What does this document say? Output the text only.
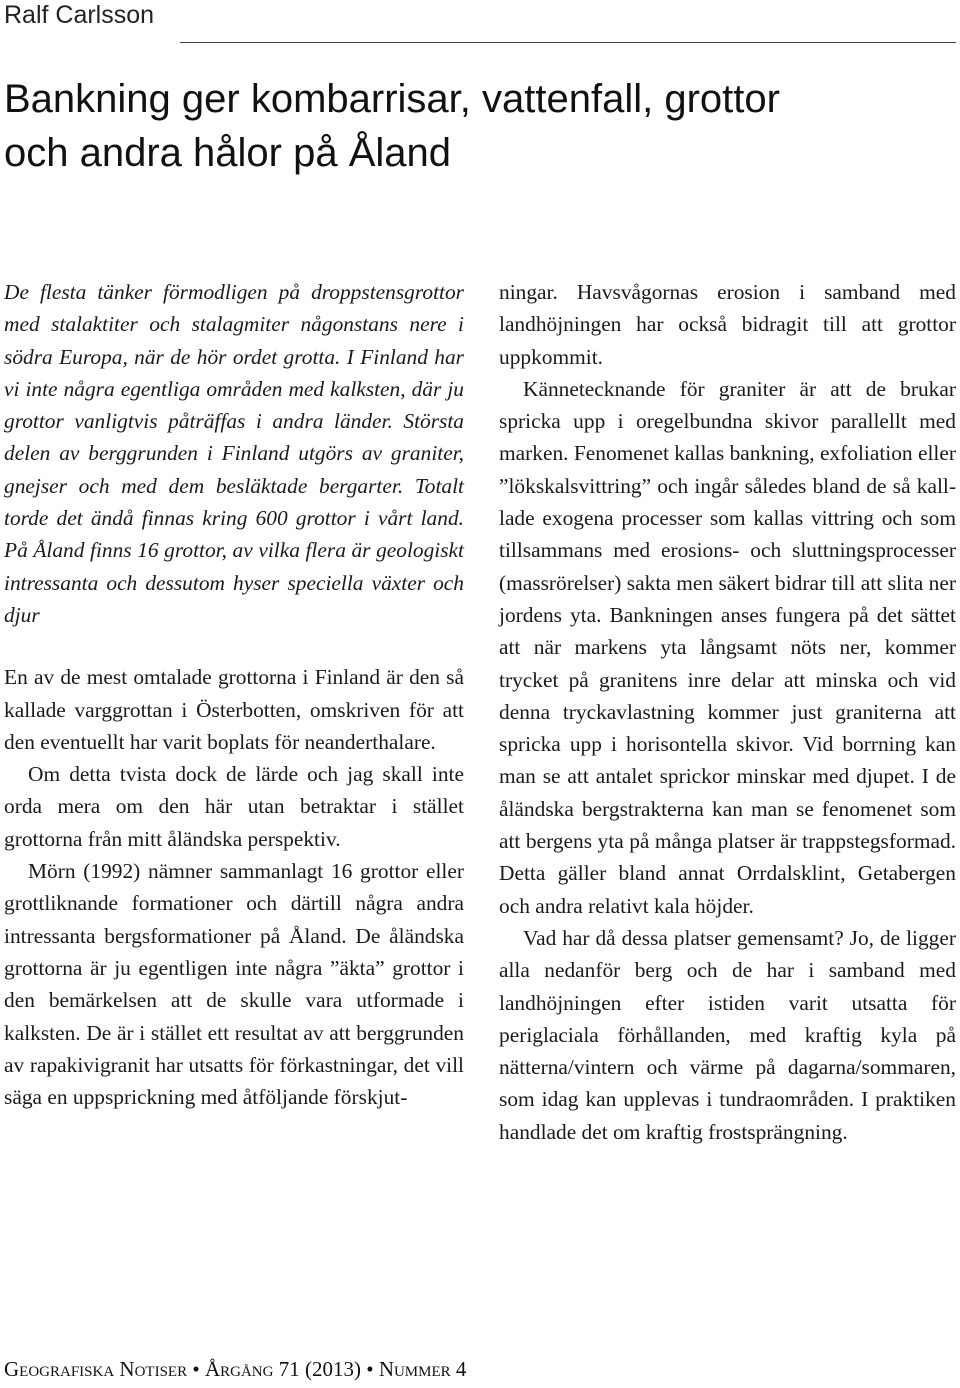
Ralf Carlsson
Bankning ger kombarrisar, vattenfall, grottor
och andra hålor på Åland

De flesta tänker förmodligen på droppstensgrottor med stalaktiter och stalagmiter någonstans nere i södra Europa, när de hör ordet grotta. I Finland har vi inte några egentliga områden med kalksten, där ju grottor vanligtvis påträffas i andra länder. Största delen av berggrunden i Finland utgörs av graniter, gnejser och med dem besläktade bergarter. Totalt torde det ändå finnas kring 600 grottor i vårt land. På Åland finns 16 grottor, av vilka flera är geologiskt intressanta och dessutom hyser speciella växter och djur

En av de mest omtalade grottorna i Finland är den så kallade varggrottan i Österbotten, omskriven för att den eventuellt har varit boplats för neanderthalare.

Om detta tvista dock de lärde och jag skall inte orda mera om den här utan betraktar i stället grottorna från mitt åländska perspektiv.

Mörn (1992) nämner sammanlagt 16 grottor eller grottliknande formationer och därtill några andra intressanta bergsformationer på Åland. De åländska grottorna är ju egentligen inte några ”äkta” grottor i den bemärkelsen att de skulle vara utformade i kalksten. De är i stället ett resultat av att berggrunden av rapakivigranit har utsatts för förkastningar, det vill säga en uppsprickning med åtföljande förskjut-

ningar. Havsvågornas erosion i samband med landhöjningen har också bidragit till att grottor uppkommit.

Kännetecknande för graniter är att de brukar spricka upp i oregelbundna skivor parallellt med marken. Fenomenet kallas bankning, exfoliation eller ”lökskalsvittring” och ingår således bland de så kalllade exogena processer som kallas vittring och som tillsammans med erosions- och sluttningsprocesser (massrörelser) sakta men säkert bidrar till att slita ner jordens yta. Bankningen anses fungera på det sättet att när markens yta långsamt nöts ner, kommer trycket på granitens inre delar att minska och vid denna tryckavlastning kommer just graniterna att spricka upp i horisontella skivor. Vid borrning kan man se att antalet sprickor minskar med djupet. I de åländska bergstrakterna kan man se fenomenet som att bergens yta på många platser är trappstegsformad. Detta gäller bland annat Orrdalsklint, Getabergen och andra relativt kala höjder.

Vad har då dessa platser gemensamt? Jo, de ligger alla nedanför berg och de har i samband med landhöjningen efter istiden varit utsatta för periglaciala förhållanden, med kraftig kyla på nätterna/vintern och värme på dagarna/sommaren, som idag kan upplevas i tundraområden. I praktiken handlade det om kraftig frostsprängning.

Geografiska Notiser • Årgång 71 (2013) • Nummer 4
